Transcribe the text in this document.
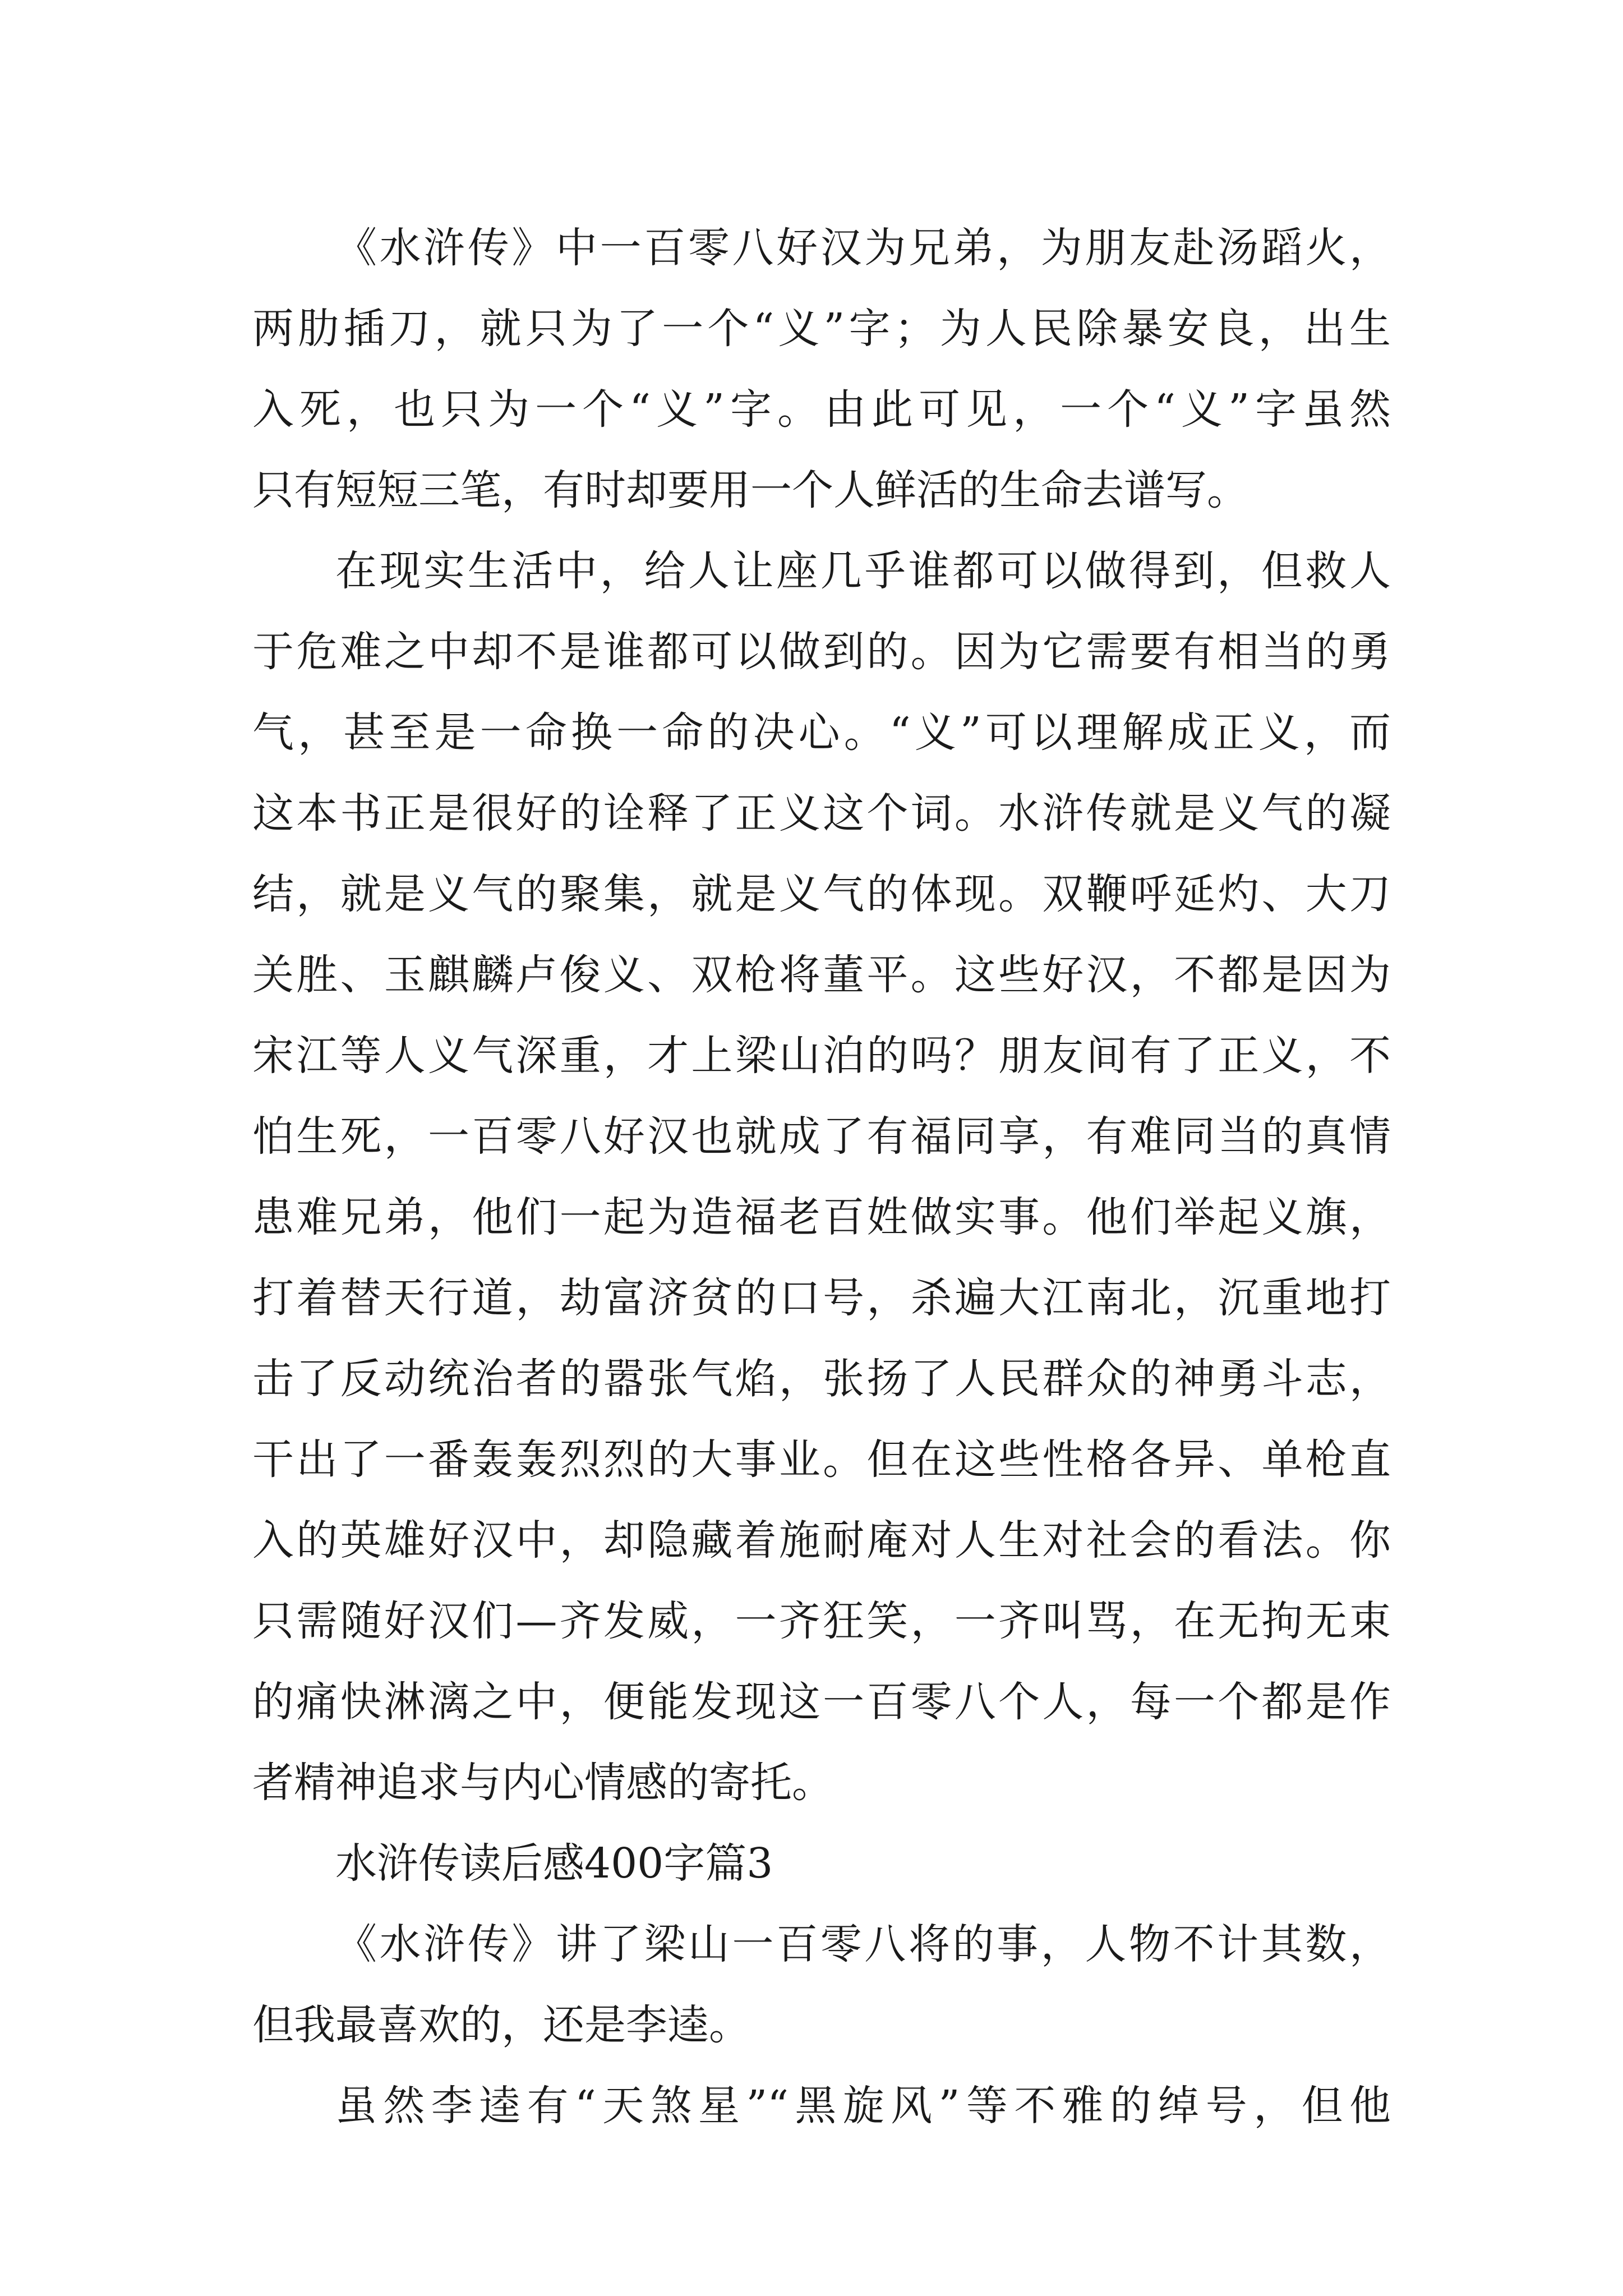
《水浒传》中一百零八好汉为兄弟，为朋友赴汤蹈火，
两肋插刀，就只为了一个“义”字；为人民除暴安良，出生
入死，也只为一个“义”字。由此可见，一个“义”字虽然
只有短短三笔，有时却要用一个人鲜活的生命去谱写。
在现实生活中，给人让座几乎谁都可以做得到，但救人
于危难之中却不是谁都可以做到的。因为它需要有相当的勇
气，甚至是一命换一命的决心。“义”可以理解成正义，而
这本书正是很好的诠释了正义这个词。水浒传就是义气的凝
结，就是义气的聚集，就是义气的体现。双鞭呼延灼、大刀
关胜、玉麒麟卢俊义、双枪将董平。这些好汉，不都是因为
宋江等人义气深重，才上梁山泊的吗？朋友间有了正义，不
怕生死，一百零八好汉也就成了有福同享，有难同当的真情
患难兄弟，他们一起为造福老百姓做实事。他们举起义旗，
打着替天行道，劫富济贫的口号，杀遍大江南北，沉重地打
击了反动统治者的嚣张气焰，张扬了人民群众的神勇斗志，
干出了一番轰轰烈烈的大事业。但在这些性格各异、单枪直
入的英雄好汉中，却隐藏着施耐庵对人生对社会的看法。你
只需随好汉们—齐发威，一齐狂笑，一齐叫骂，在无拘无束
的痛快淋漓之中，便能发现这一百零八个人，每一个都是作
者精神追求与内心情感的寄托。
水浒传读后感400字篇3
《水浒传》讲了梁山一百零八将的事，人物不计其数，
但我最喜欢的，还是李逵。
虽然李逵有“天煞星”“黑旋风”等不雅的绰号，但他
